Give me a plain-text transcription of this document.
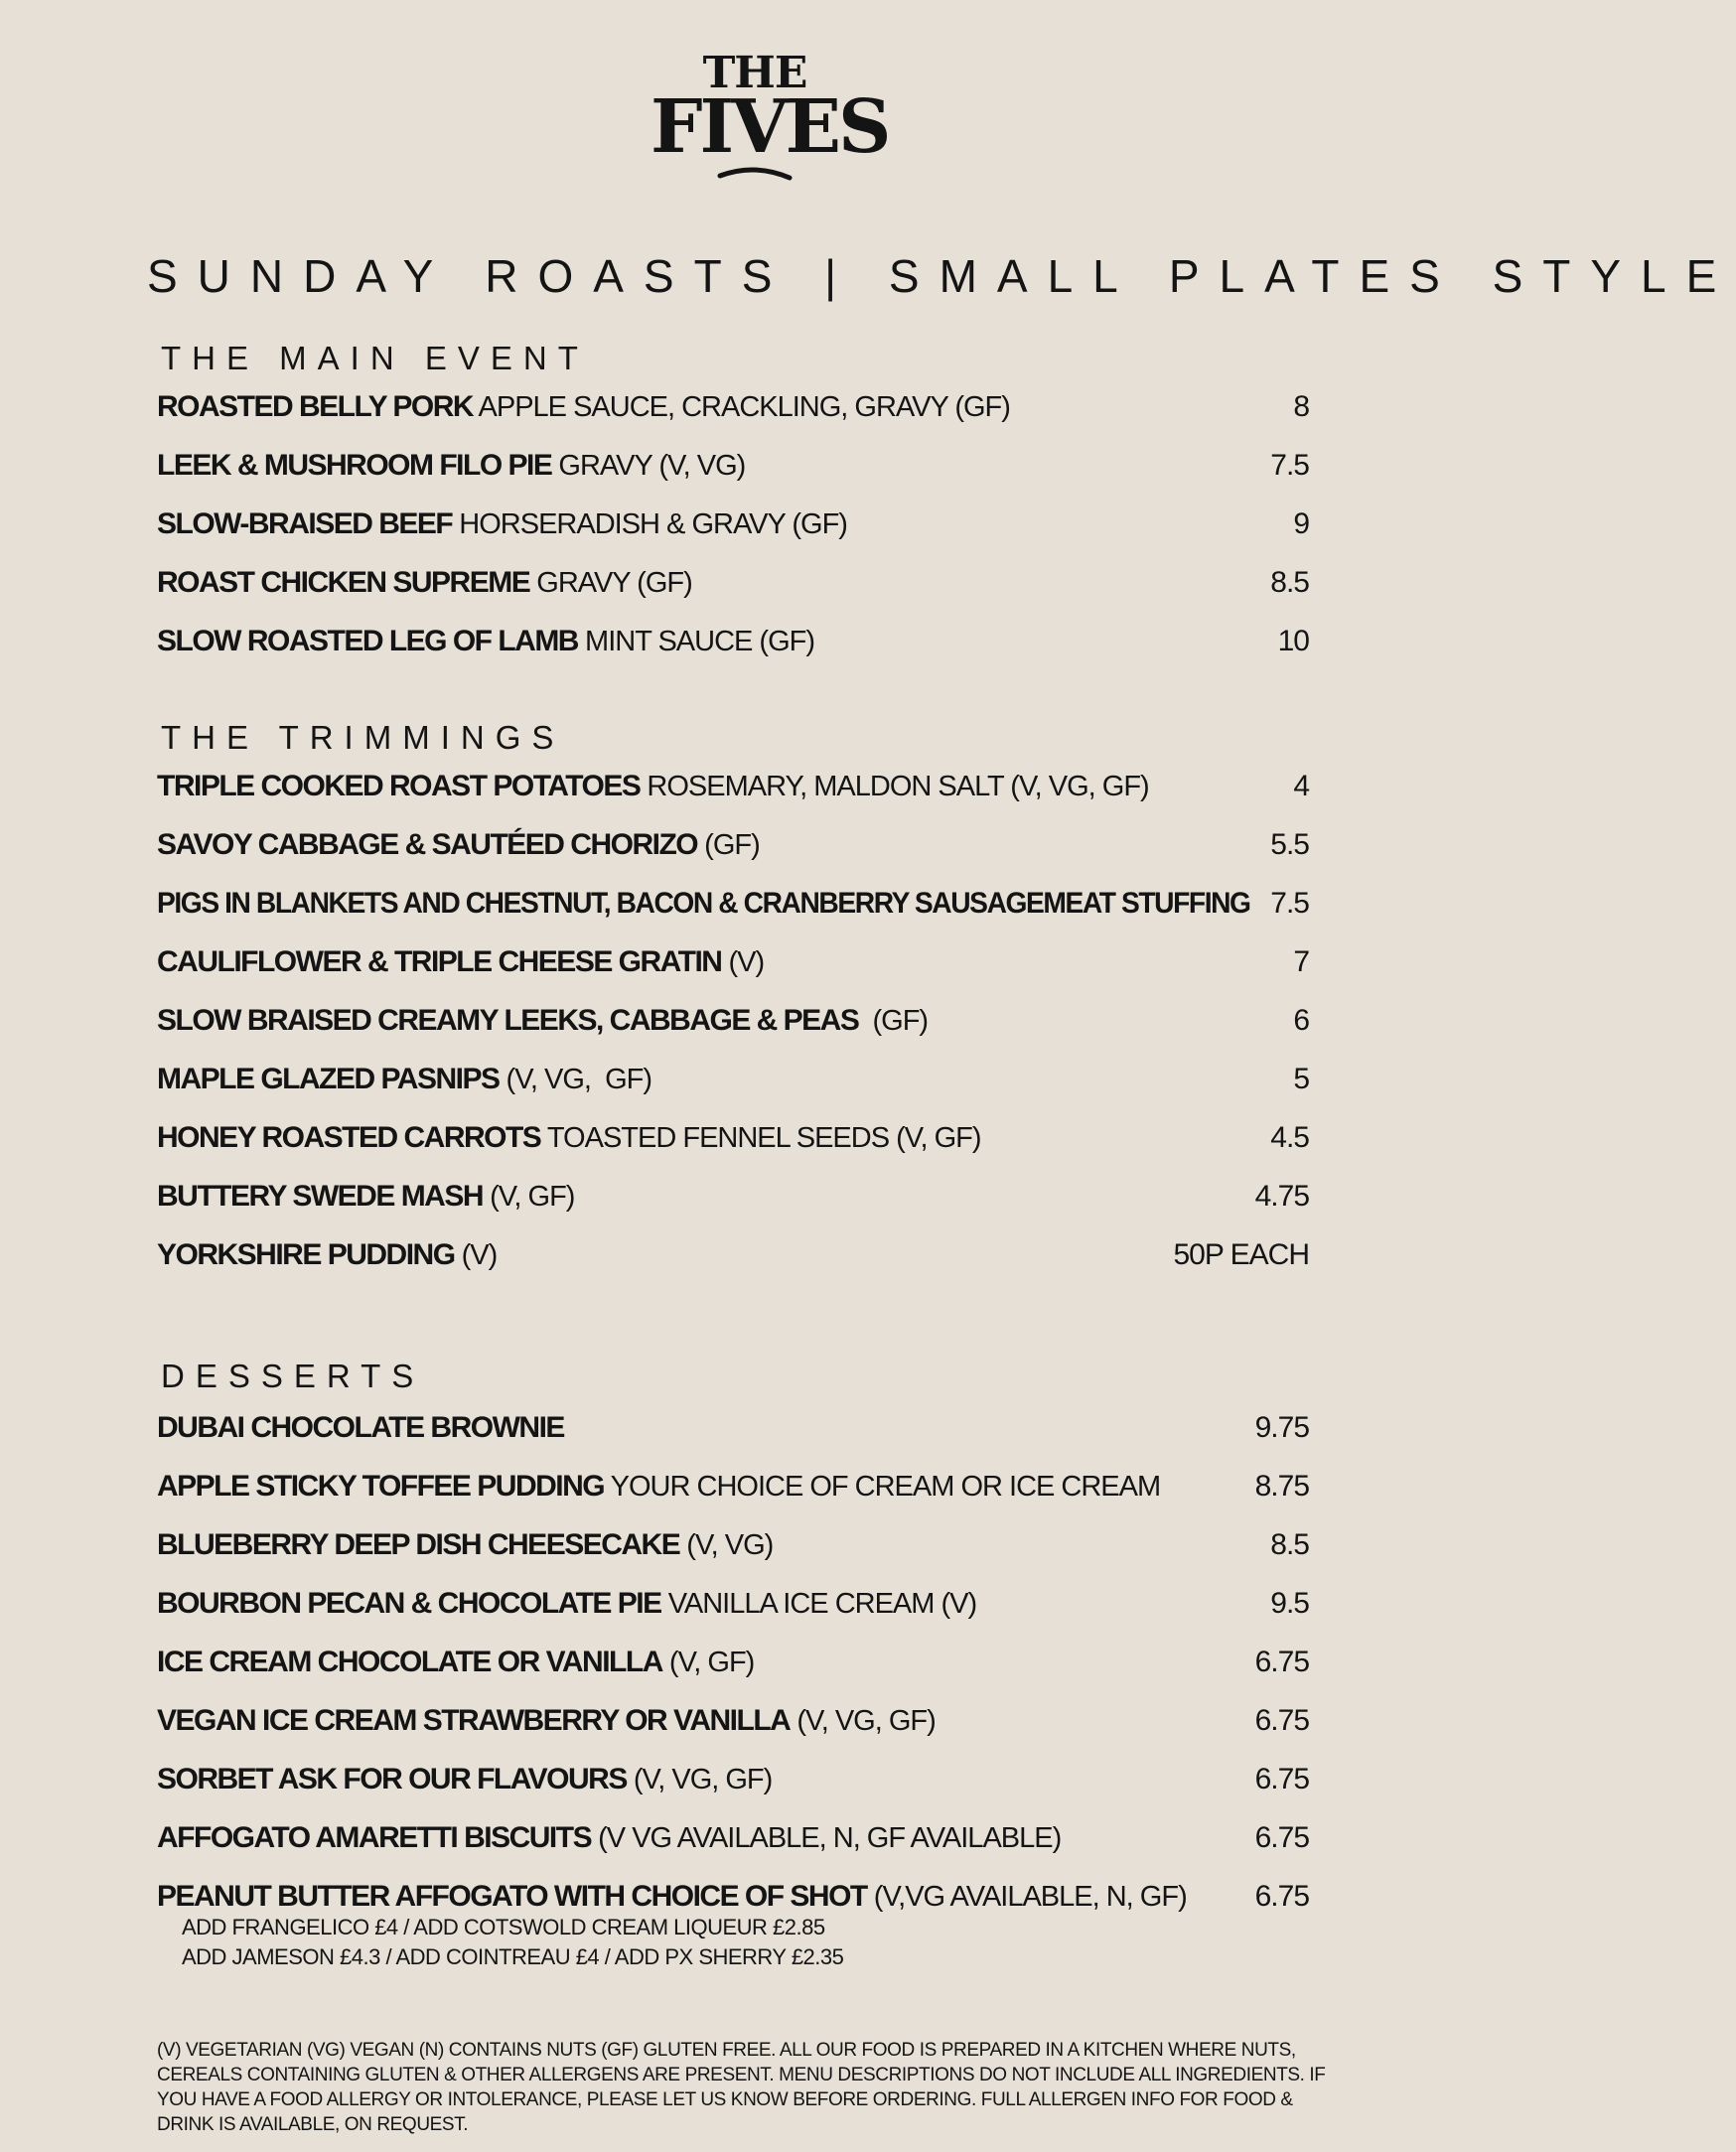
THE
FIVES
SUNDAY ROASTS | SMALL PLATES STYLE
THE MAIN EVENT
ROASTED BELLY PORK APPLE SAUCE, CRACKLING, GRAVY (GF)	8
LEEK & MUSHROOM FILO PIE GRAVY (V, VG)	7.5
SLOW-BRAISED BEEF HORSERADISH & GRAVY (GF)	9
ROAST CHICKEN SUPREME GRAVY (GF)	8.5
SLOW ROASTED LEG OF LAMB MINT SAUCE (GF)	10
THE TRIMMINGS
TRIPLE COOKED ROAST POTATOES ROSEMARY, MALDON SALT (V, VG, GF)	4
SAVOY CABBAGE & SAUTÉED CHORIZO (GF)	5.5
PIGS IN BLANKETS AND CHESTNUT, BACON & CRANBERRY SAUSAGEMEAT STUFFING 7.5
CAULIFLOWER & TRIPLE CHEESE GRATIN (V)	7
SLOW BRAISED CREAMY LEEKS, CABBAGE & PEAS  (GF)	6
MAPLE GLAZED PASNIPS (V, VG,  GF)	5
HONEY ROASTED CARROTS TOASTED FENNEL SEEDS (V, GF)	4.5
BUTTERY SWEDE MASH (V, GF)	4.75
YORKSHIRE PUDDING (V)	50P EACH
DESSERTS
DUBAI CHOCOLATE BROWNIE	9.75
APPLE STICKY TOFFEE PUDDING YOUR CHOICE OF CREAM OR ICE CREAM	8.75
BLUEBERRY DEEP DISH CHEESECAKE (V, VG)	8.5
BOURBON PECAN & CHOCOLATE PIE VANILLA ICE CREAM (V)	9.5
ICE CREAM CHOCOLATE OR VANILLA (V, GF)	6.75
VEGAN ICE CREAM STRAWBERRY OR VANILLA (V, VG, GF)	6.75
SORBET ASK FOR OUR FLAVOURS (V, VG, GF)	6.75
AFFOGATO AMARETTI BISCUITS (V VG AVAILABLE, N, GF AVAILABLE)	6.75
PEANUT BUTTER AFFOGATO WITH CHOICE OF SHOT (V,VG AVAILABLE, N, GF) 6.75
ADD FRANGELICO £4 / ADD COTSWOLD CREAM LIQUEUR £2.85
ADD JAMESON £4.3 / ADD COINTREAU £4 / ADD PX SHERRY £2.35
(V) VEGETARIAN (VG) VEGAN (N) CONTAINS NUTS (GF) GLUTEN FREE. ALL OUR FOOD IS PREPARED IN A KITCHEN WHERE NUTS, CEREALS CONTAINING GLUTEN & OTHER ALLERGENS ARE PRESENT. MENU DESCRIPTIONS DO NOT INCLUDE ALL INGREDIENTS. IF YOU HAVE A FOOD ALLERGY OR INTOLERANCE, PLEASE LET US KNOW BEFORE ORDERING. FULL ALLERGEN INFO FOR FOOD & DRINK IS AVAILABLE, ON REQUEST.
